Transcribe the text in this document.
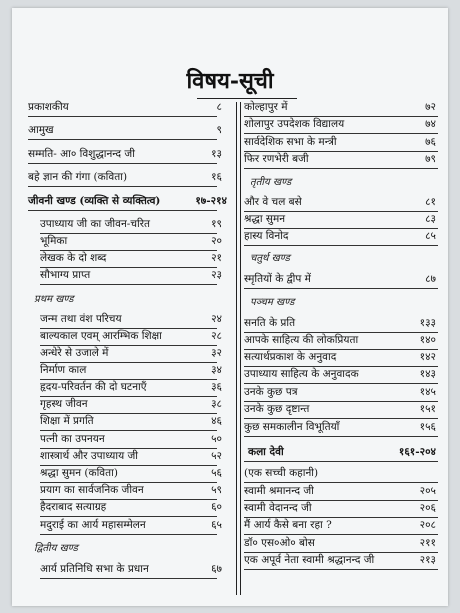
विषय-सूची
प्रकाशकीय	८
आमुख	९
सम्मति- आ० विशुद्धानन्द जी	१३
बहे ज्ञान की गंगा (कविता)	१६
जीवनी खण्ड (व्यक्ति से व्यक्तित्व)	१७-२१४
उपाध्याय जी का जीवन-चरित	१९
भूमिका	२०
लेखक के दो शब्द	२१
सौभाग्य प्राप्त	२३
जन्म तथा वंश परिचय	२४
बाल्यकाल एवम् आरम्भिक शिक्षा	२८
अन्धेरे से उजाले में	३२
निर्माण काल	३४
हृदय-परिवर्तन की दो घटनाएँ	३६
गृहस्थ जीवन	३८
शिक्षा में प्रगति	४६
पत्नी का उपनयन	५०
शास्त्रार्थ और उपाध्याय जी	५२
श्रद्धा सुमन (कविता)	५६
प्रयाग का सार्वजनिक जीवन	५९
हैदराबाद सत्याग्रह	६०
मदुराई का आर्य महासम्मेलन	६५
आर्य प्रतिनिधि सभा के प्रधान	६७
प्रथम खण्ड
द्वितीय खण्ड
कोल्हापुर में	७२
शोलापुर उपदेशक विद्यालय	७४
सार्वदेशिक सभा के मन्त्री	७६
फिर रणभेरी बजी	७९
और वे चल बसे	८१
श्रद्धा सुमन	८३
हास्य विनोद	८५
स्मृतियों के द्वीप में	८७
सनति के प्रति	१३३
आपके साहित्य की लोकप्रियता	१४०
सत्यार्थप्रकाश के अनुवाद	१४२
उपाध्याय साहित्य के अनुवादक	१४३
उनके कुछ पत्र	१४५
उनके कुछ दृष्टान्त	१५१
कुछ समकालीन विभूतियाँ	१५६
कला देवी	१६१-२०४
(एक सच्ची कहानी)
स्वामी श्रमानन्द जी	२०५
स्वामी वेदानन्द जी	२०६
मैं आर्य कैसे बना रहा ?	२०८
डॉ० एस०ओ० बोस	२११
एक अपूर्व नेता स्वामी श्रद्धानन्द जी	२१३
तृतीय खण्ड
चतुर्थ खण्ड
पञ्चम खण्ड
